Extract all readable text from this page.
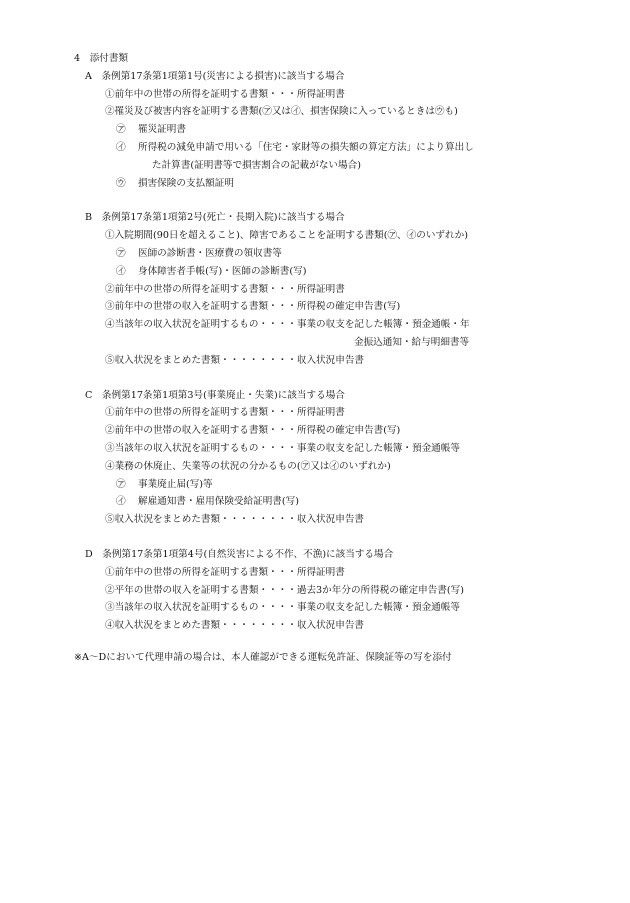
4　添付書類
A　条例第17条第1項第1号(災害による損害)に該当する場合
①前年中の世帯の所得を証明する書類・・・所得証明書
②罹災及び被害内容を証明する書類(㋐又は㋑、損害保険に入っているときは㋒も)
㋐ 罹災証明書
㋑ 所得税の減免申請で用いる「住宅・家財等の損失額の算定方法」により算出し
た計算書(証明書等で損害割合の記載がない場合)
㋒ 損害保険の支払額証明
B　条例第17条第1項第2号(死亡・長期入院)に該当する場合
①入院期間(90日を超えること)、障害であることを証明する書類(㋐、㋑のいずれか)
㋐ 医師の診断書・医療費の領収書等
㋑ 身体障害者手帳(写)・医師の診断書(写)
②前年中の世帯の所得を証明する書類・・・所得証明書
③前年中の世帯の収入を証明する書類・・・所得税の確定申告書(写)
④当該年の収入状況を証明するもの・・・・事業の収支を記した帳簿・預金通帳・年
金振込通知・給与明細書等
⑤収入状況をまとめた書類・・・・・・・・収入状況申告書
C　条例第17条第1項第3号(事業廃止・失業)に該当する場合
①前年中の世帯の所得を証明する書類・・・所得証明書
②前年中の世帯の収入を証明する書類・・・所得税の確定申告書(写)
③当該年の収入状況を証明するもの・・・・事業の収支を記した帳簿・預金通帳等
④業務の休廃止、失業等の状況の分かるもの(㋐又は㋑のいずれか)
㋐ 事業廃止届(写)等
㋑ 解雇通知書・雇用保険受給証明書(写)
⑤収入状況をまとめた書類・・・・・・・・収入状況申告書
D　条例第17条第1項第4号(自然災害による不作、不漁)に該当する場合
①前年中の世帯の所得を証明する書類・・・所得証明書
②平年の世帯の収入を証明する書類・・・・過去3か年分の所得税の確定申告書(写)
③当該年の収入状況を証明するもの・・・・事業の収支を記した帳簿・預金通帳等
④収入状況をまとめた書類・・・・・・・・収入状況申告書
※A～Dにおいて代理申請の場合は、本人確認ができる運転免許証、保険証等の写を添付
